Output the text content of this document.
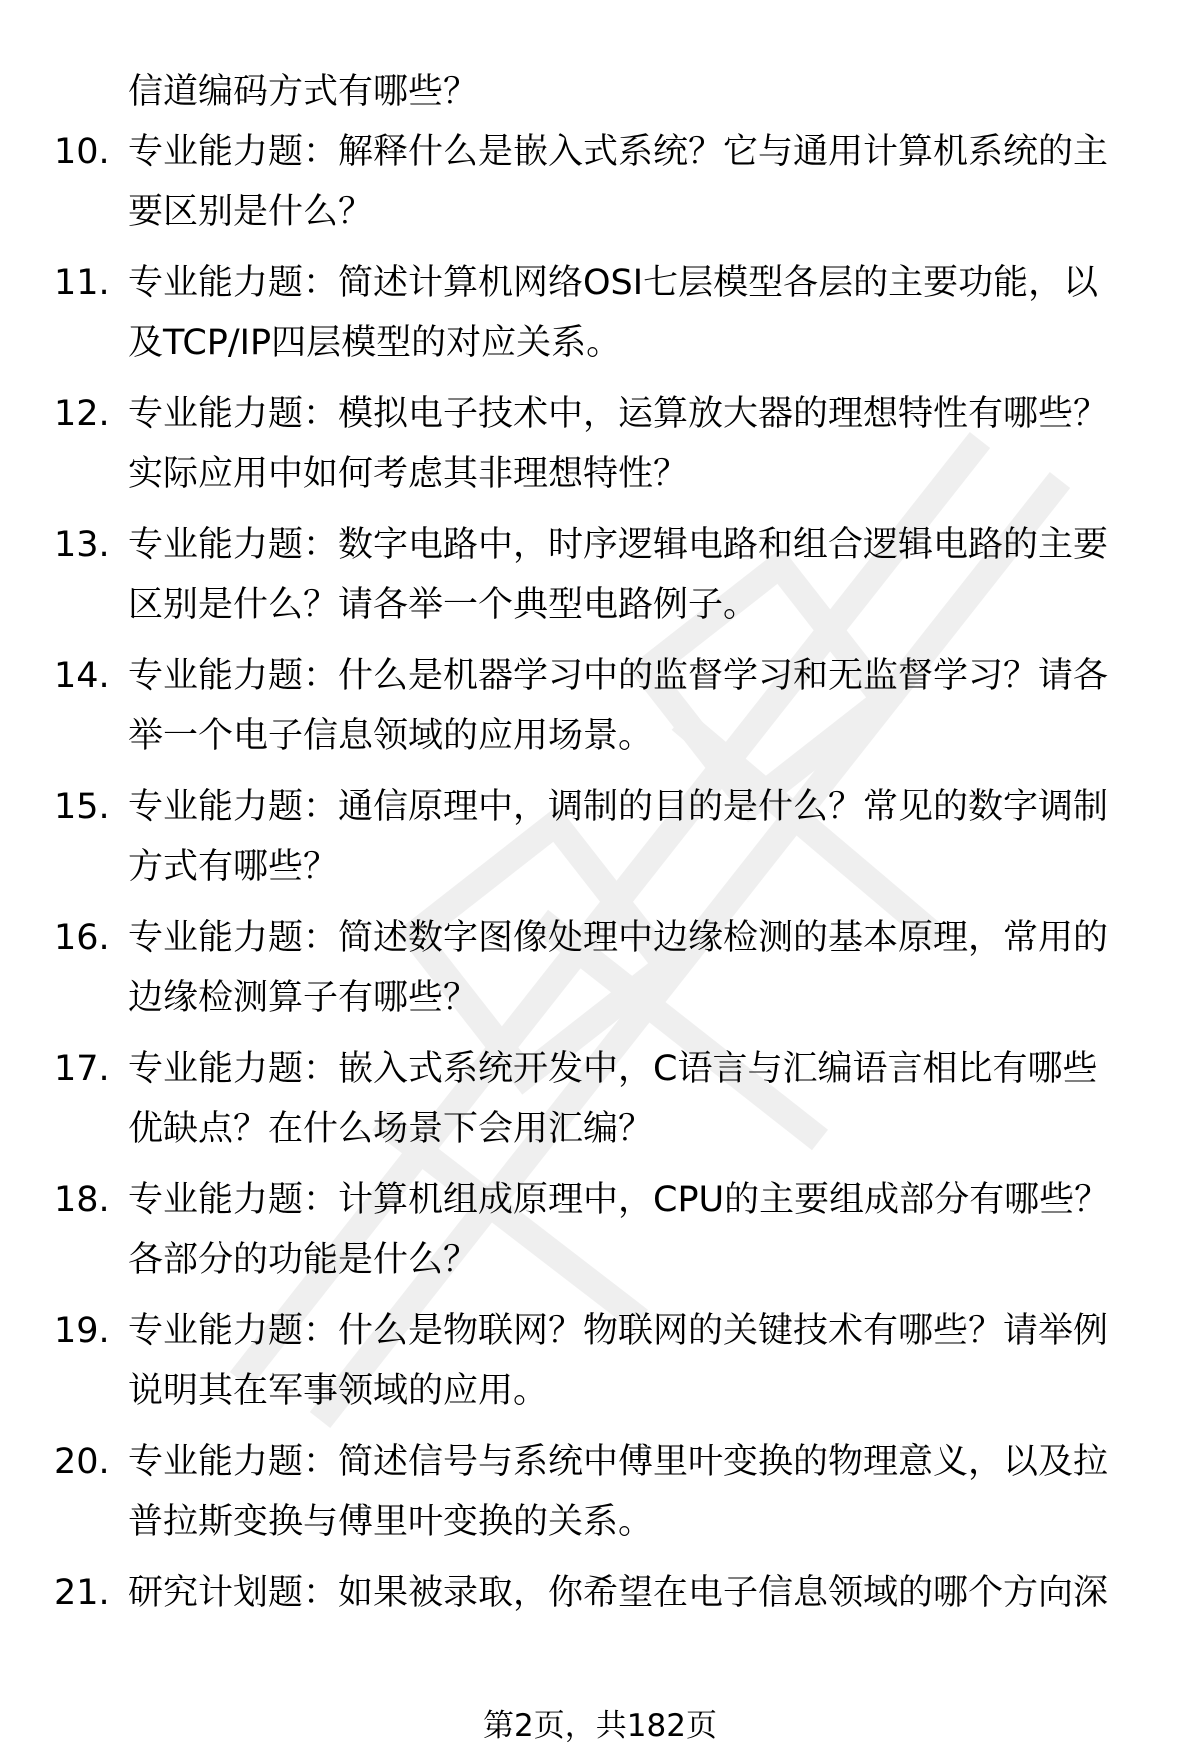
信道编码方式有哪些？
10. 专业能力题：解释什么是嵌入式系统？它与通用计算机系统的主
要区别是什么？
11. 专业能力题：简述计算机网络OSI七层模型各层的主要功能，以
及TCP/IP四层模型的对应关系。
12. 专业能力题：模拟电子技术中，运算放大器的理想特性有哪些？
实际应用中如何考虑其非理想特性？
13. 专业能力题：数字电路中，时序逻辑电路和组合逻辑电路的主要
区别是什么？请各举一个典型电路例子。
14. 专业能力题：什么是机器学习中的监督学习和无监督学习？请各
举一个电子信息领域的应用场景。
15. 专业能力题：通信原理中，调制的目的是什么？常见的数字调制
方式有哪些？
16. 专业能力题：简述数字图像处理中边缘检测的基本原理，常用的
边缘检测算子有哪些？
17. 专业能力题：嵌入式系统开发中，C语言与汇编语言相比有哪些
优缺点？在什么场景下会用汇编？
18. 专业能力题：计算机组成原理中，CPU的主要组成部分有哪些？
各部分的功能是什么？
19. 专业能力题：什么是物联网？物联网的关键技术有哪些？请举例
说明其在军事领域的应用。
20. 专业能力题：简述信号与系统中傅里叶变换的物理意义，以及拉
普拉斯变换与傅里叶变换的关系。
21. 研究计划题：如果被录取，你希望在电子信息领域的哪个方向深
第2页，共182页
